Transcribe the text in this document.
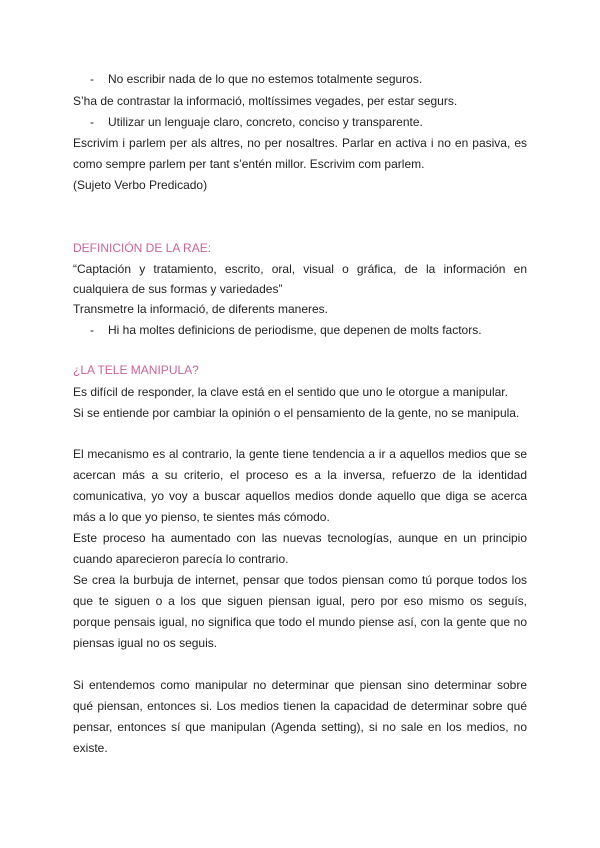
- No escribir nada de lo que no estemos totalmente seguros.
S’ha de contrastar la informació, moltíssimes vegades, per estar segurs.
- Utilizar un lenguaje claro, concreto, conciso y transparente.
Escrivim i parlem per als altres, no per nosaltres. Parlar en activa i no en pasiva, es
como sempre parlem per tant s’entén millor. Escrivim com parlem.
(Sujeto Verbo Predicado)
DEFINICIÓN DE LA RAE:
“Captación y tratamiento, escrito, oral, visual o gráfica, de la información en
cualquiera de sus formas y variedades”
Transmetre la informació, de diferents maneres.
- Hi ha moltes definicions de periodisme, que depenen de molts factors.
¿LA TELE MANIPULA?
Es difícil de responder, la clave está en el sentido que uno le otorgue a manipular.
Si se entiende por cambiar la opinión o el pensamiento de la gente, no se manipula.
El mecanismo es al contrario, la gente tiene tendencia a ir a aquellos medios que se
acercan más a su criterio, el proceso es a la inversa, refuerzo de la identidad
comunicativa, yo voy a buscar aquellos medios donde aquello que diga se acerca
más a lo que yo pienso, te sientes más cómodo.
Este proceso ha aumentado con las nuevas tecnologías, aunque en un principio
cuando aparecieron parecía lo contrario.
Se crea la burbuja de internet, pensar que todos piensan como tú porque todos los
que te siguen o a los que siguen piensan igual, pero por eso mismo os seguís,
porque pensais igual, no significa que todo el mundo piense así, con la gente que no
piensas igual no os seguis.
Si entendemos como manipular no determinar que piensan sino determinar sobre
qué piensan, entonces si. Los medios tienen la capacidad de determinar sobre qué
pensar, entonces sí que manipulan (Agenda setting), si no sale en los medios, no
existe.
